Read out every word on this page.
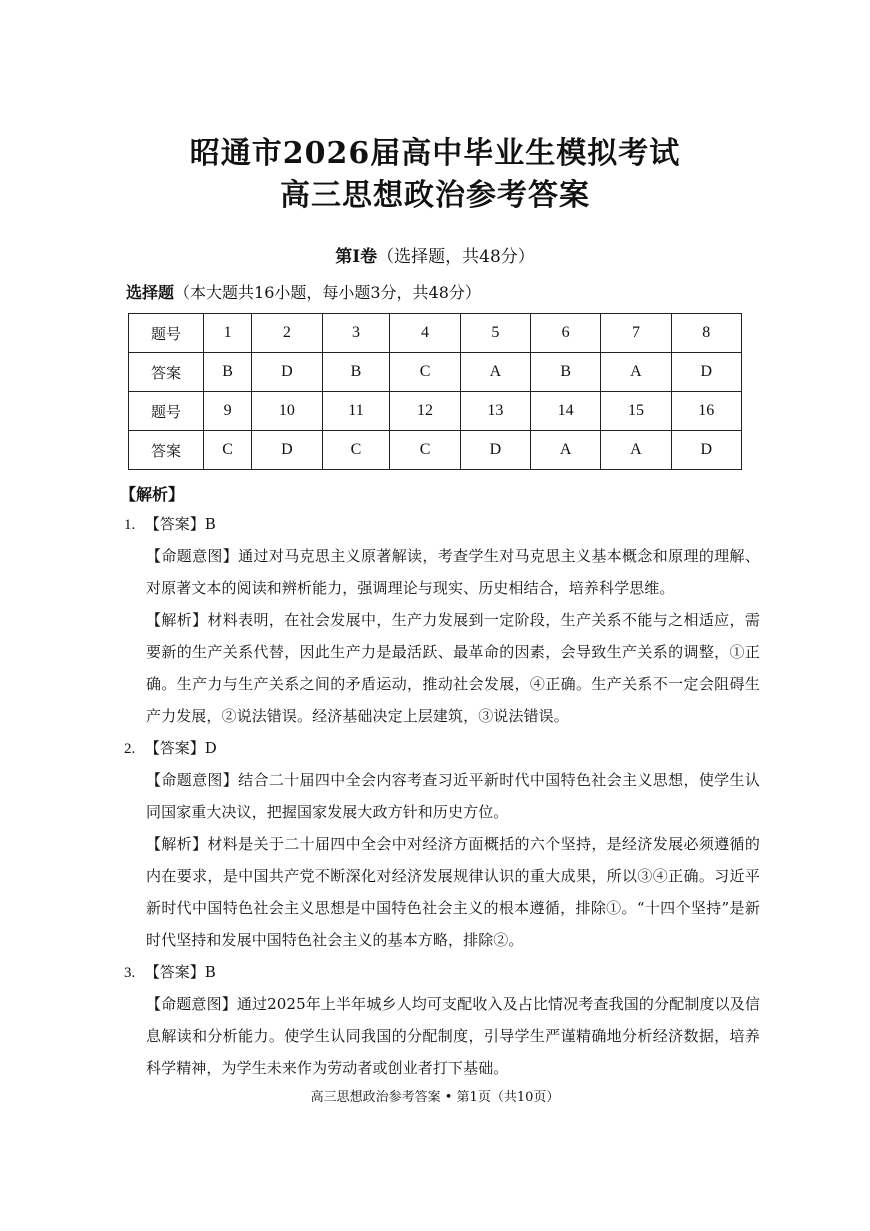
昭通市2026届高中毕业生模拟考试
高三思想政治参考答案
第Ⅰ卷（选择题，共48分）
选择题（本大题共16小题，每小题3分，共48分）
题号	1	2	3	4	5	6	7	8
答案	B	D	B	C	A	B	A	D
题号	9	10	11	12	13	14	15	16
答案	C	D	C	C	D	A	A	D
【解析】
1. 【答案】B
【命题意图】通过对马克思主义原著解读，考查学生对马克思主义基本概念和原理的理解、对原著文本的阅读和辨析能力，强调理论与现实、历史相结合，培养科学思维。
【解析】材料表明，在社会发展中，生产力发展到一定阶段，生产关系不能与之相适应，需要新的生产关系代替，因此生产力是最活跃、最革命的因素，会导致生产关系的调整，①正确。生产力与生产关系之间的矛盾运动，推动社会发展，④正确。生产关系不一定会阻碍生产力发展，②说法错误。经济基础决定上层建筑，③说法错误。
2. 【答案】D
【命题意图】结合二十届四中全会内容考查习近平新时代中国特色社会主义思想，使学生认同国家重大决议，把握国家发展大政方针和历史方位。
【解析】材料是关于二十届四中全会中对经济方面概括的六个坚持，是经济发展必须遵循的内在要求，是中国共产党不断深化对经济发展规律认识的重大成果，所以③④正确。习近平新时代中国特色社会主义思想是中国特色社会主义的根本遵循，排除①。“十四个坚持”是新时代坚持和发展中国特色社会主义的基本方略，排除②。
3. 【答案】B
【命题意图】通过2025年上半年城乡人均可支配收入及占比情况考查我国的分配制度以及信息解读和分析能力。使学生认同我国的分配制度，引导学生严谨精确地分析经济数据，培养科学精神，为学生未来作为劳动者或创业者打下基础。
高三思想政治参考答案 • 第1页（共10页）
